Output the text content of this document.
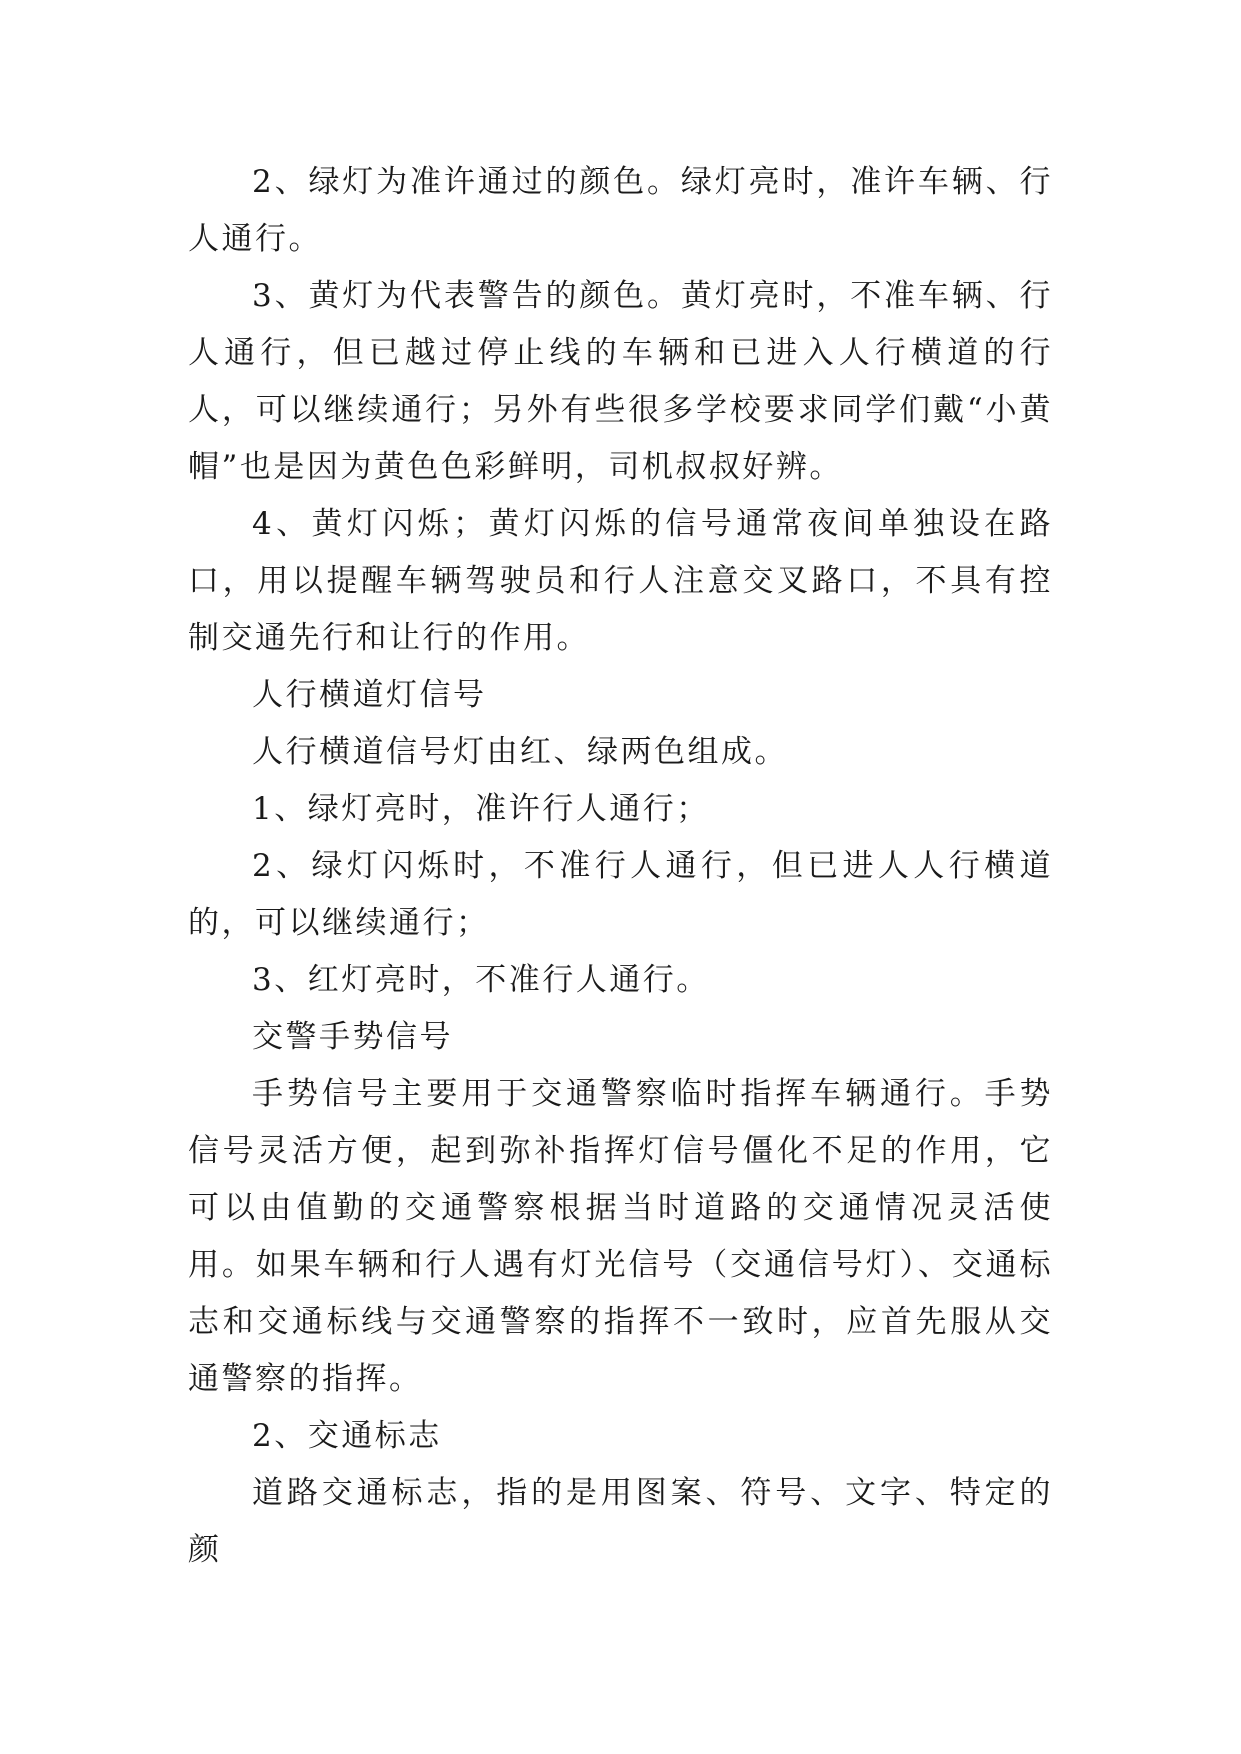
2、绿灯为准许通过的颜色。绿灯亮时，准许车辆、行人通行。

3、黄灯为代表警告的颜色。黄灯亮时，不准车辆、行人通行，但已越过停止线的车辆和已进入人行横道的行人，可以继续通行；另外有些很多学校要求同学们戴“小黄帽”也是因为黄色色彩鲜明，司机叔叔好辨。

4、黄灯闪烁；黄灯闪烁的信号通常夜间单独设在路口，用以提醒车辆驾驶员和行人注意交叉路口，不具有控制交通先行和让行的作用。

人行横道灯信号

人行横道信号灯由红、绿两色组成。

1、绿灯亮时，准许行人通行；

2、绿灯闪烁时，不准行人通行，但已进人人行横道的，可以继续通行；

3、红灯亮时，不准行人通行。

交警手势信号

手势信号主要用于交通警察临时指挥车辆通行。手势信号灵活方便，起到弥补指挥灯信号僵化不足的作用，它可以由值勤的交通警察根据当时道路的交通情况灵活使用。如果车辆和行人遇有灯光信号（交通信号灯）、交通标志和交通标线与交通警察的指挥不一致时，应首先服从交通警察的指挥。

2、交通标志

道路交通标志，指的是用图案、符号、文字、特定的颜
